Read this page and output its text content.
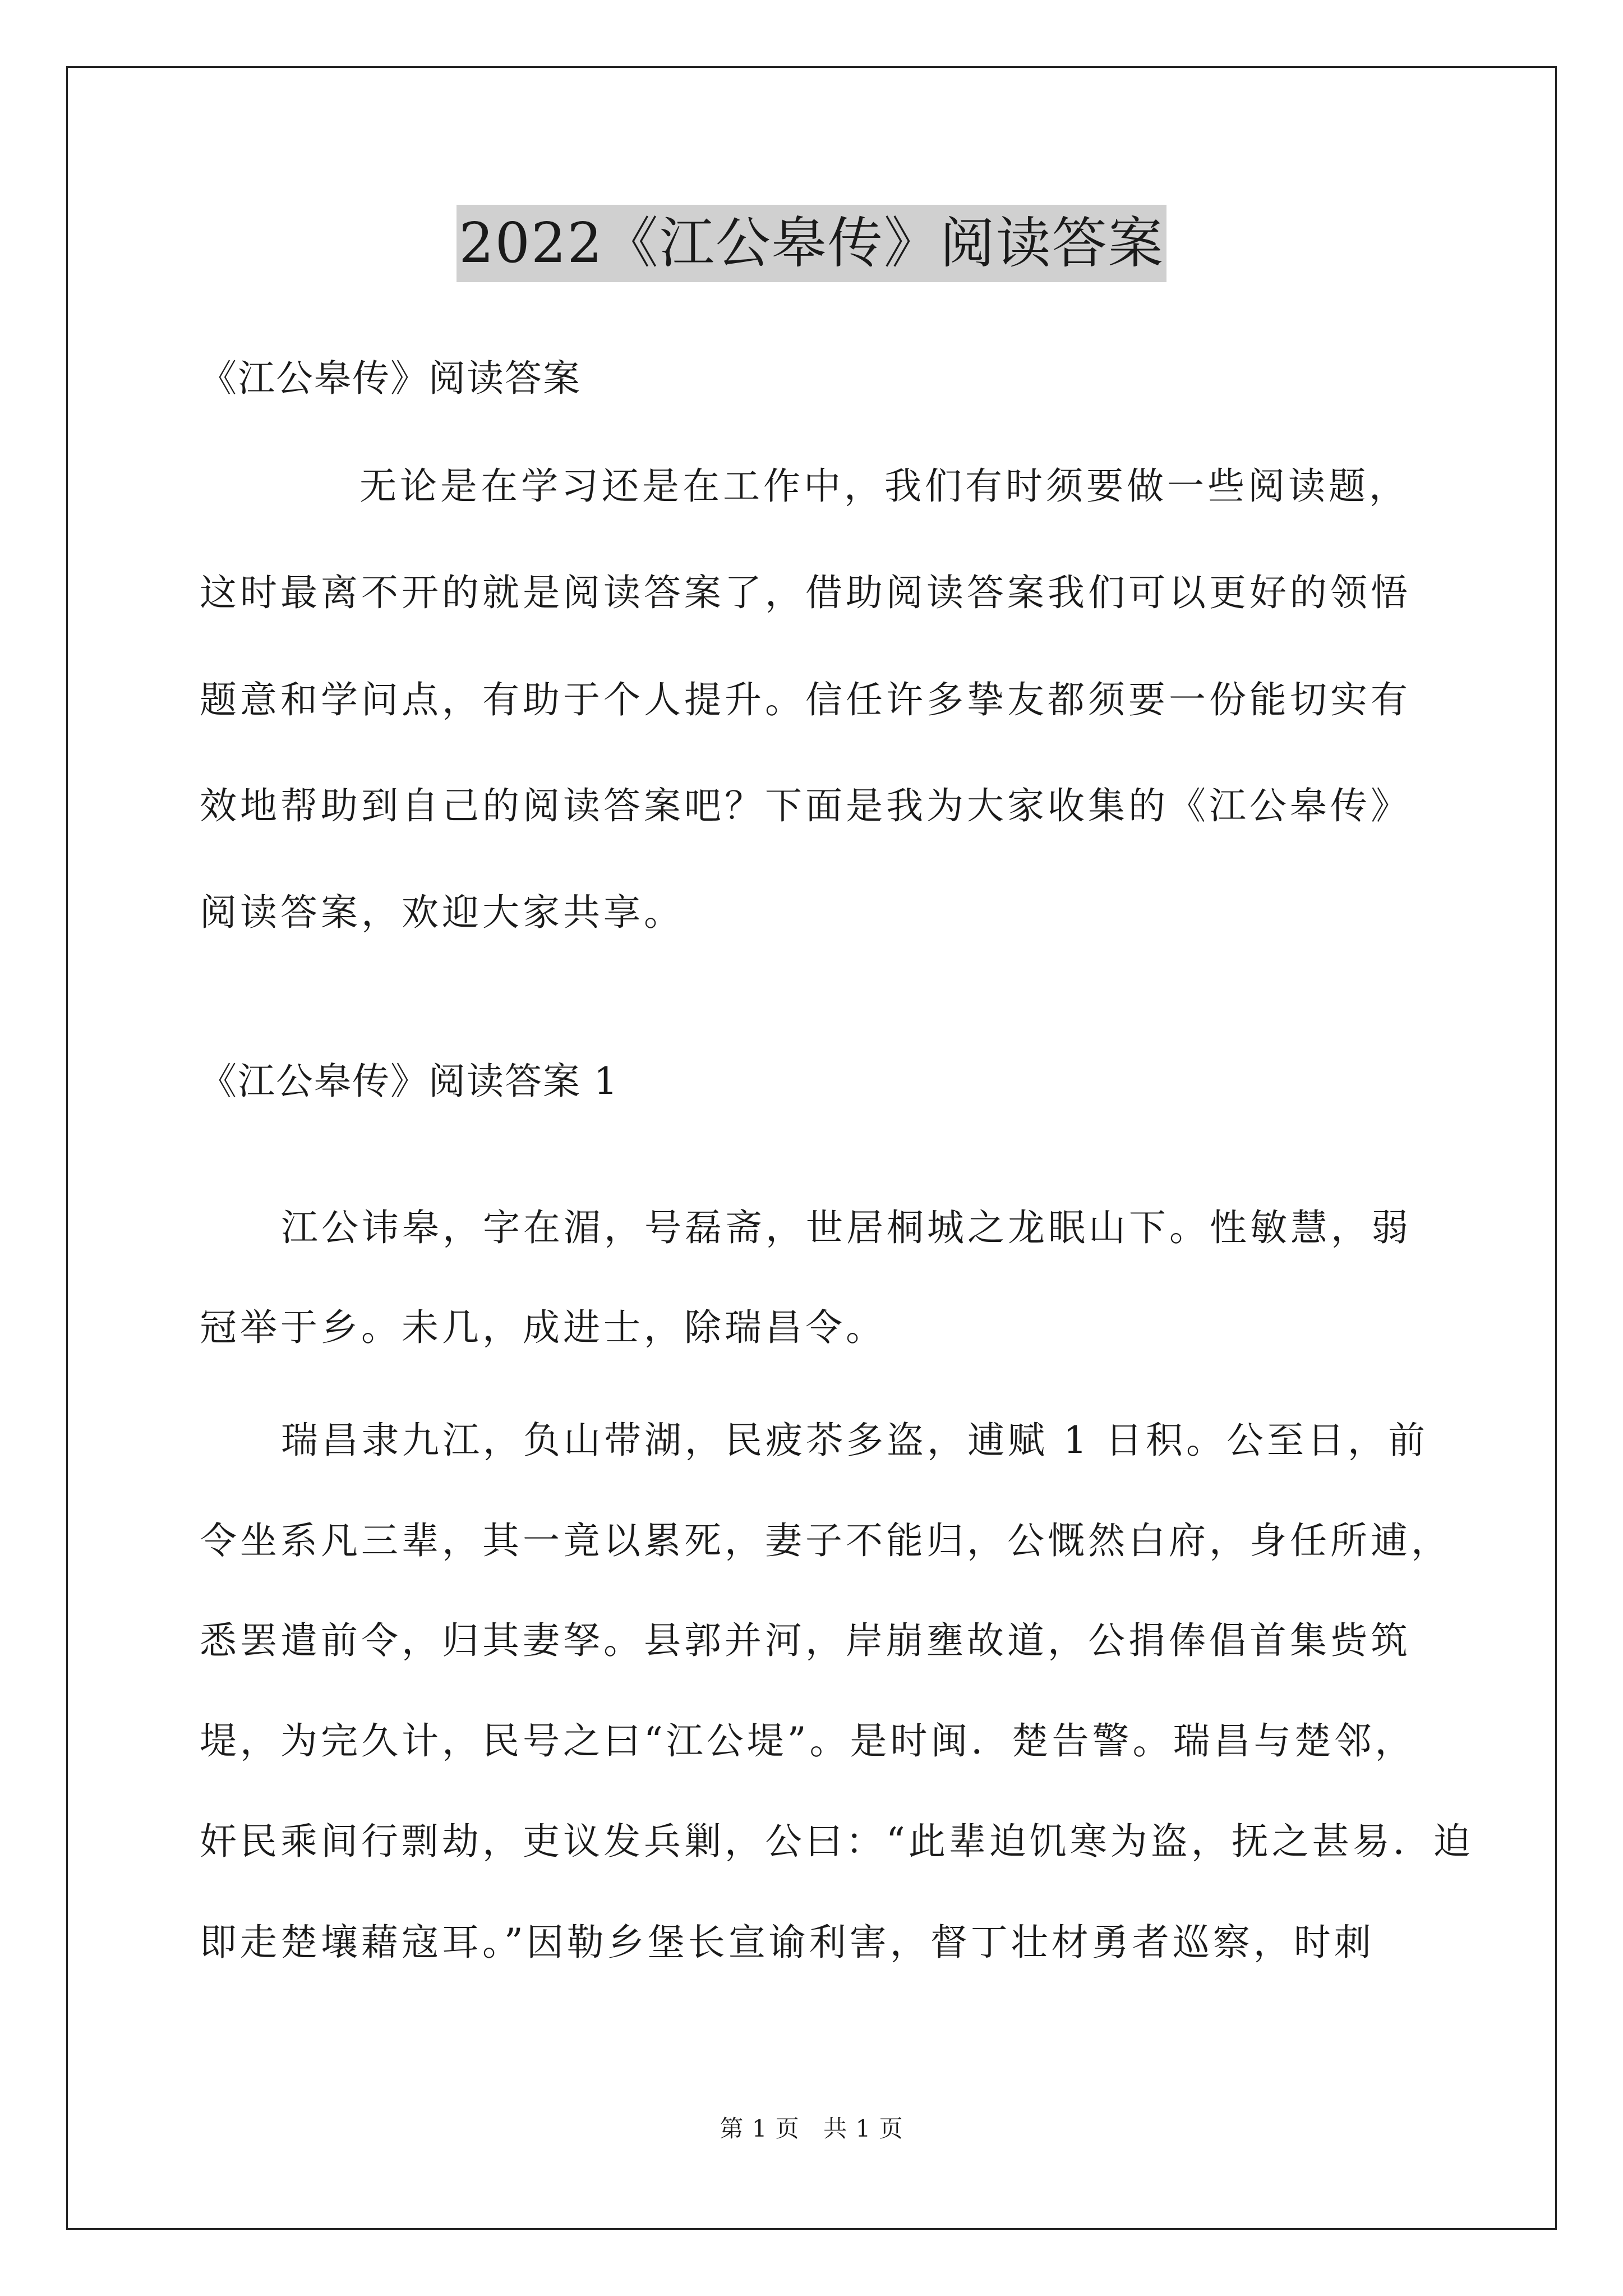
2022《江公皋传》阅读答案
《江公皋传》阅读答案
无论是在学习还是在工作中，我们有时须要做一些阅读题，
这时最离不开的就是阅读答案了，借助阅读答案我们可以更好的领悟
题意和学问点，有助于个人提升。信任许多挚友都须要一份能切实有
效地帮助到自己的阅读答案吧？下面是我为大家收集的《江公皋传》
阅读答案，欢迎大家共享。
《江公皋传》阅读答案 1
江公讳皋，字在湄，号磊斋，世居桐城之龙眠山下。性敏慧，弱
冠举于乡。未几，成进士，除瑞昌令。
瑞昌隶九江，负山带湖，民疲苶多盗，逋赋 1 日积。公至日，前
令坐系凡三辈，其一竟以累死，妻子不能归，公慨然白府，身任所逋，
悉罢遣前令，归其妻孥。县郭并河，岸崩壅故道，公捐俸倡首集赀筑
堤，为完久计，民号之曰“江公堤”。是时闽．楚告警。瑞昌与楚邻，
奸民乘间行剽劫，吏议发兵剿，公曰：“此辈迫饥寒为盗，抚之甚易．迫
即走楚壤藉寇耳。”因勒乡堡长宣谕利害，督丁壮材勇者巡察，时刺
第 1 页 共 1 页
